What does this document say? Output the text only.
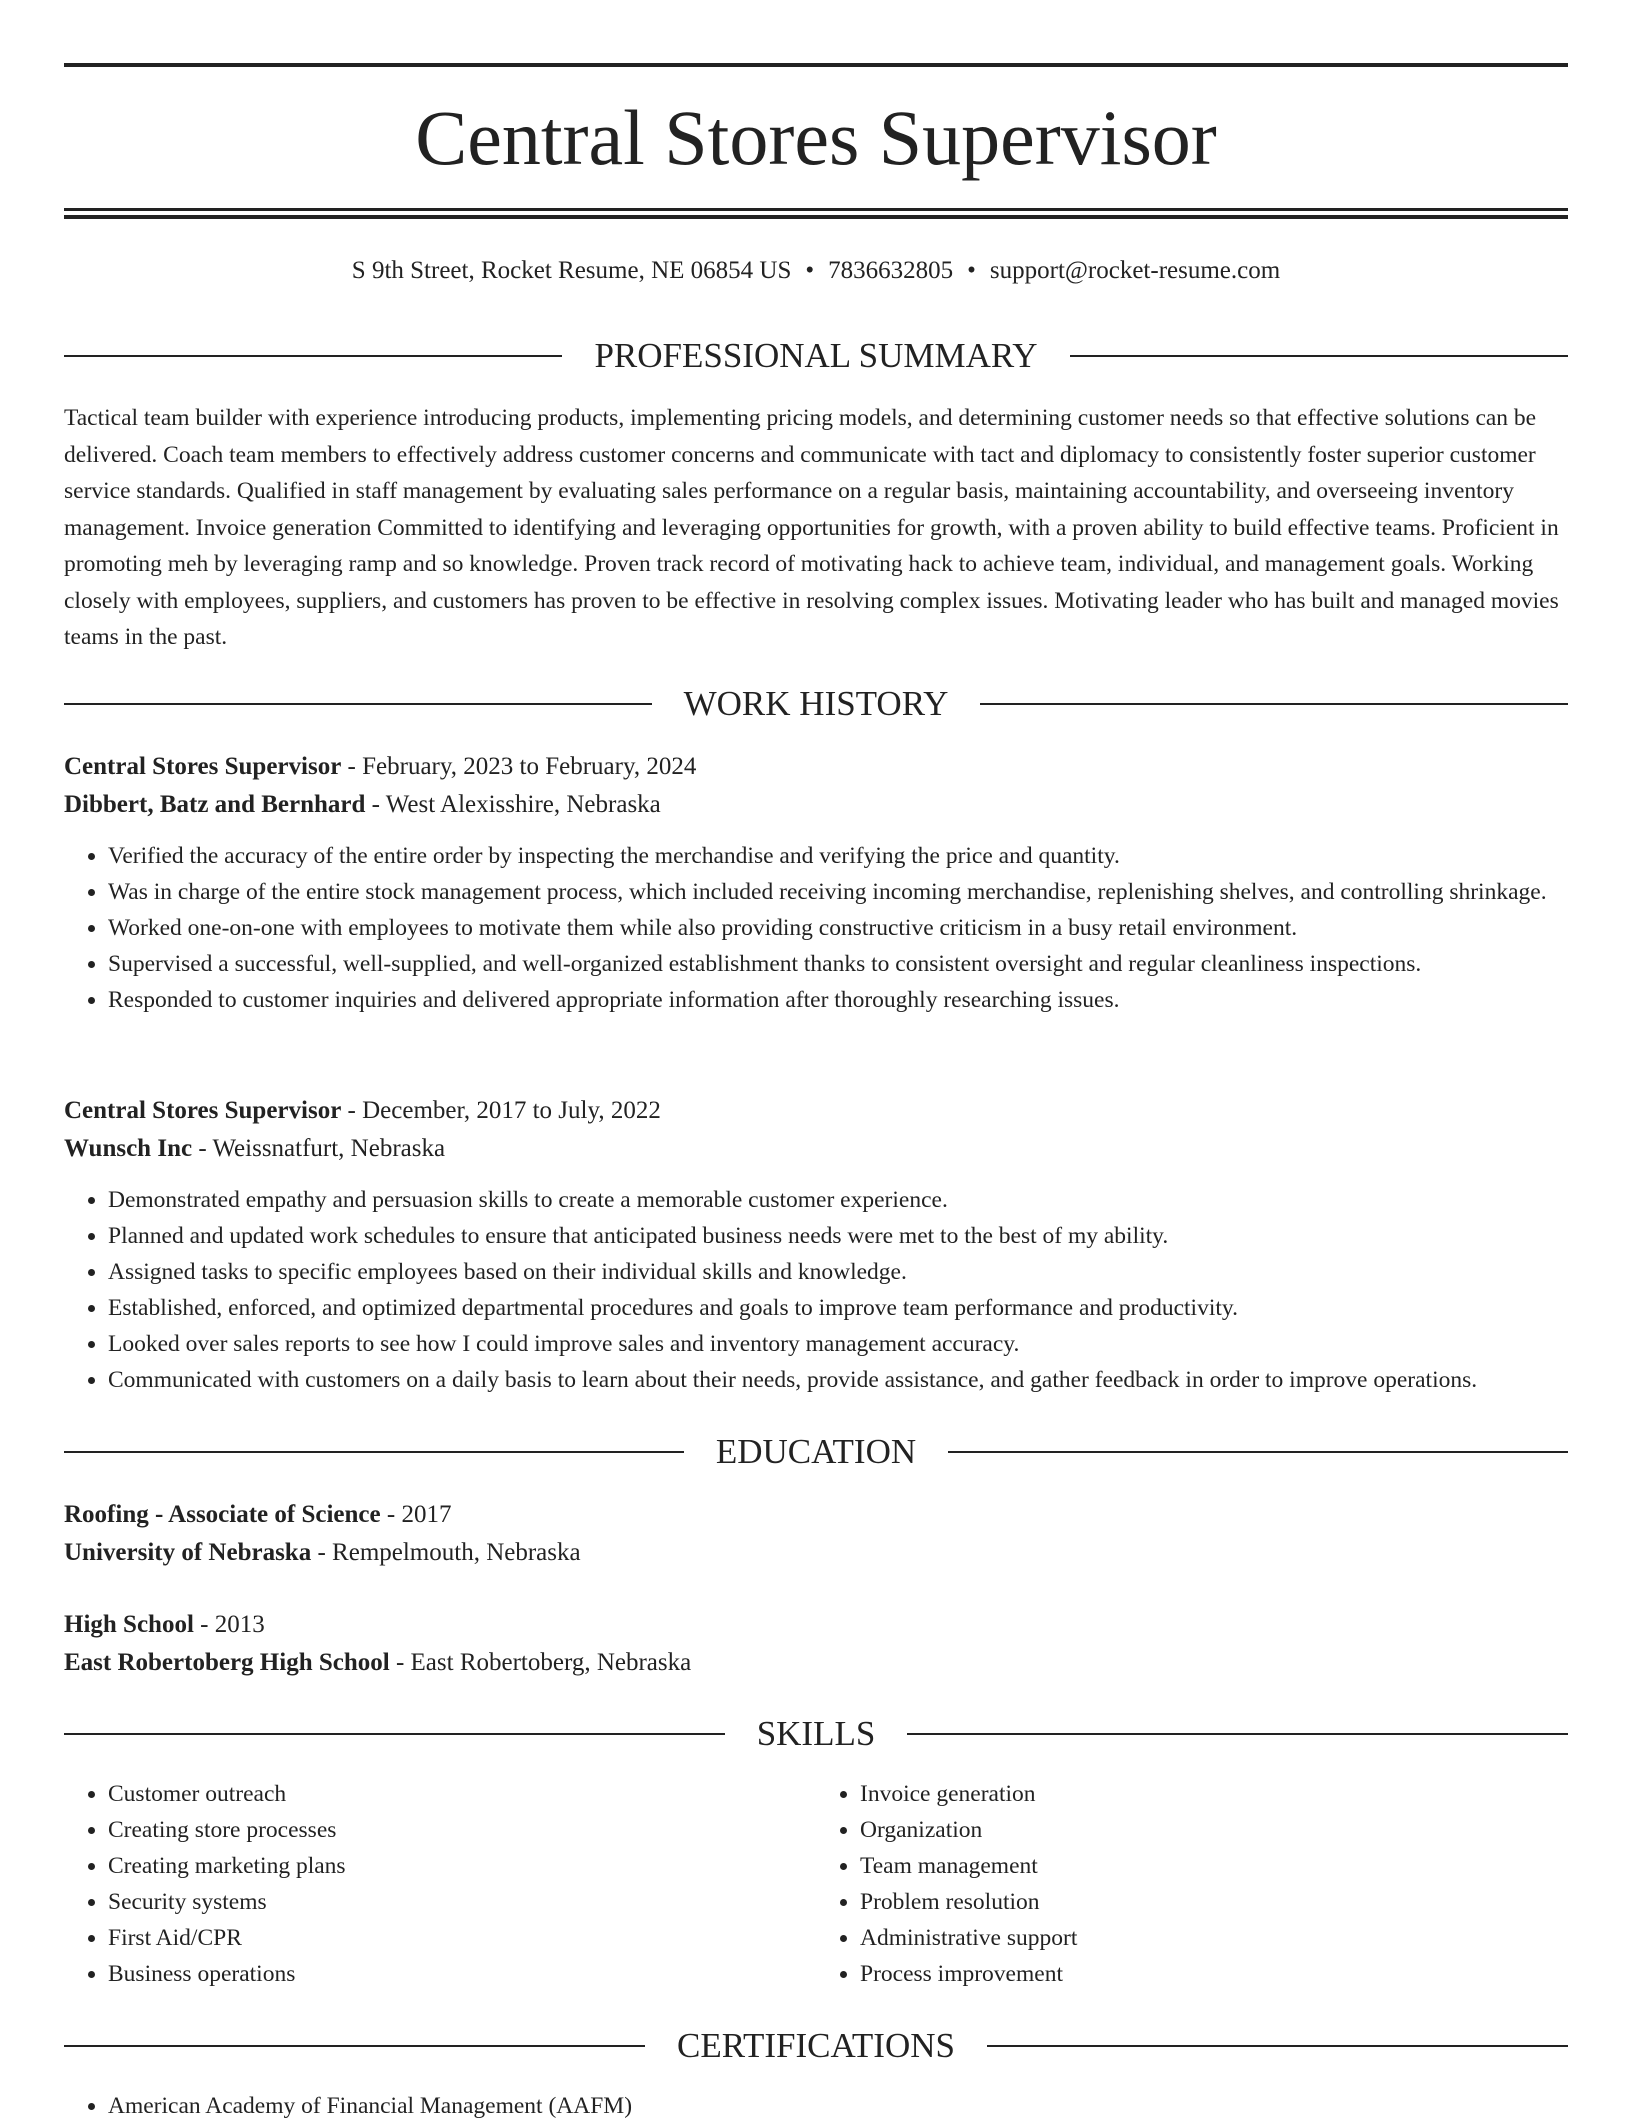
Central Stores Supervisor
S 9th Street, Rocket Resume, NE 06854 US • 7836632805 • support@rocket-resume.com
PROFESSIONAL SUMMARY

Tactical team builder with experience introducing products, implementing pricing models, and determining customer needs so that effective solutions can be delivered. Coach team members to effectively address customer concerns and communicate with tact and diplomacy to consistently foster superior customer service standards. Qualified in staff management by evaluating sales performance on a regular basis, maintaining accountability, and overseeing inventory management. Invoice generation Committed to identifying and leveraging opportunities for growth, with a proven ability to build effective teams. Proficient in promoting meh by leveraging ramp and so knowledge. Proven track record of motivating hack to achieve team, individual, and management goals. Working closely with employees, suppliers, and customers has proven to be effective in resolving complex issues. Motivating leader who has built and managed movies teams in the past.

WORK HISTORY
Central Stores Supervisor - February, 2023 to February, 2024
Dibbert, Batz and Bernhard - West Alexisshire, Nebraska
• Verified the accuracy of the entire order by inspecting the merchandise and verifying the price and quantity.
• Was in charge of the entire stock management process, which included receiving incoming merchandise, replenishing shelves, and controlling shrinkage.
• Worked one-on-one with employees to motivate them while also providing constructive criticism in a busy retail environment.
• Supervised a successful, well-supplied, and well-organized establishment thanks to consistent oversight and regular cleanliness inspections.
• Responded to customer inquiries and delivered appropriate information after thoroughly researching issues.
Central Stores Supervisor - December, 2017 to July, 2022
Wunsch Inc - Weissnatfurt, Nebraska
• Demonstrated empathy and persuasion skills to create a memorable customer experience.
• Planned and updated work schedules to ensure that anticipated business needs were met to the best of my ability.
• Assigned tasks to specific employees based on their individual skills and knowledge.
• Established, enforced, and optimized departmental procedures and goals to improve team performance and productivity.
• Looked over sales reports to see how I could improve sales and inventory management accuracy.
• Communicated with customers on a daily basis to learn about their needs, provide assistance, and gather feedback in order to improve operations.
EDUCATION
Roofing - Associate of Science - 2017
University of Nebraska - Rempelmouth, Nebraska
High School - 2013
East Robertoberg High School - East Robertoberg, Nebraska
SKILLS
• Customer outreach
• Creating store processes
• Creating marketing plans
• Security systems
• First Aid/CPR
• Business operations
• Invoice generation
• Organization
• Team management
• Problem resolution
• Administrative support
• Process improvement
CERTIFICATIONS
• American Academy of Financial Management (AAFM)
